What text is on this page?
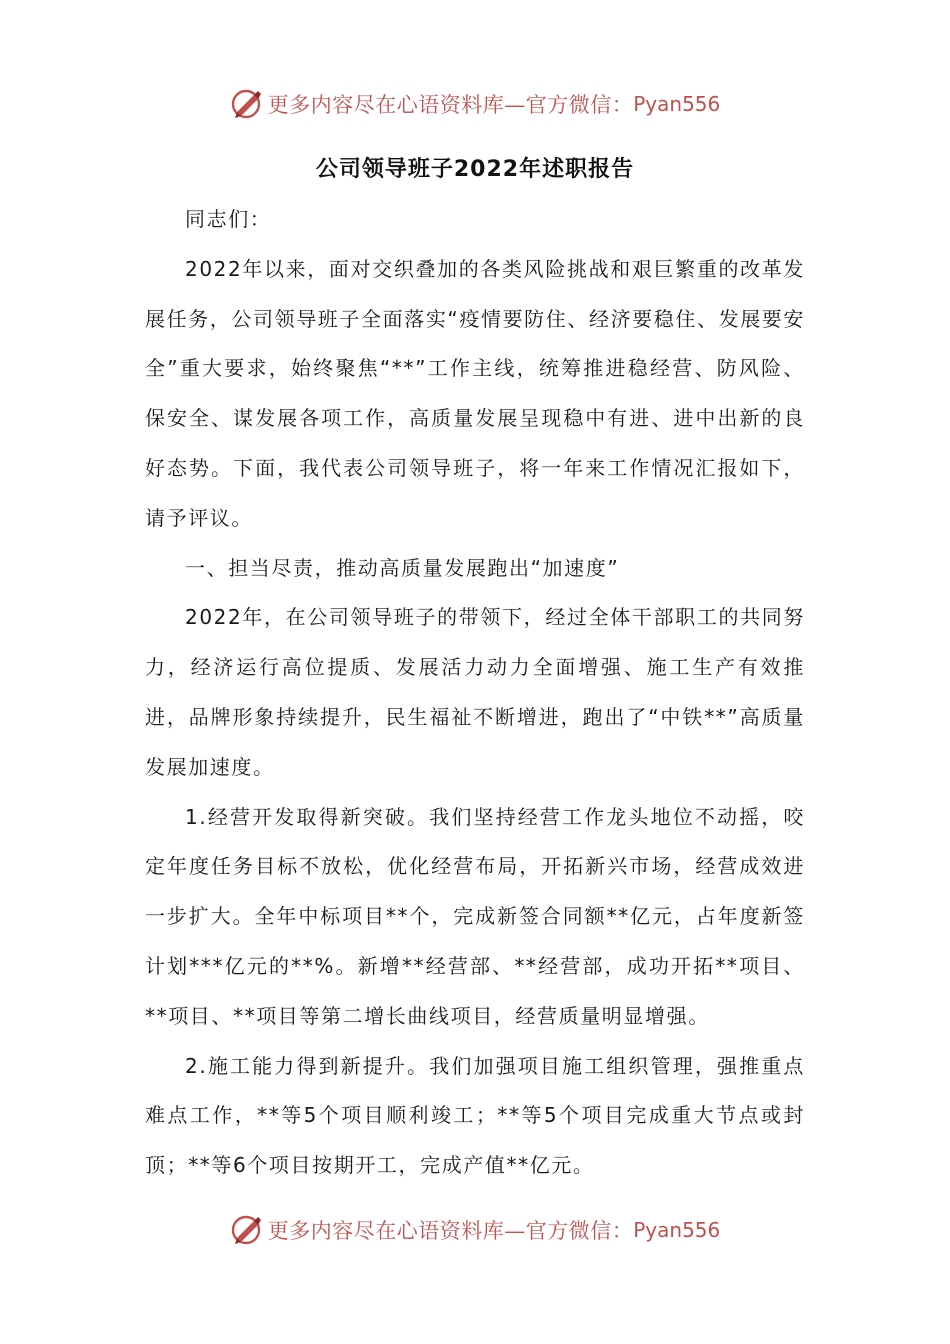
更多内容尽在心语资料库—官方微信： Pyan556
公司领导班子2022年述职报告

同志们：

2022年以来，面对交织叠加的各类风险挑战和艰巨繁重的改革发展任务，公司领导班子全面落实“疫情要防住、经济要稳住、发展要安全”重大要求，始终聚焦“**”工作主线，统筹推进稳经营、防风险、保安全、谋发展各项工作，高质量发展呈现稳中有进、进中出新的良好态势。下面，我代表公司领导班子，将一年来工作情况汇报如下，请予评议。

一、担当尽责，推动高质量发展跑出“加速度”

2022年，在公司领导班子的带领下，经过全体干部职工的共同努力，经济运行高位提质、发展活力动力全面增强、施工生产有效推进，品牌形象持续提升，民生福祉不断增进，跑出了“中铁**”高质量发展加速度。

1.经营开发取得新突破。我们坚持经营工作龙头地位不动摇，咬定年度任务目标不放松，优化经营布局，开拓新兴市场，经营成效进一步扩大。全年中标项目**个，完成新签合同额**亿元，占年度新签计划***亿元的**%。新增**经营部、**经营部，成功开拓**项目、**项目、**项目等第二增长曲线项目，经营质量明显增强。

2.施工能力得到新提升。我们加强项目施工组织管理，强推重点难点工作，**等5个项目顺利竣工；**等5个项目完成重大节点或封顶；**等6个项目按期开工，完成产值**亿元。

更多内容尽在心语资料库—官方微信： Pyan556
